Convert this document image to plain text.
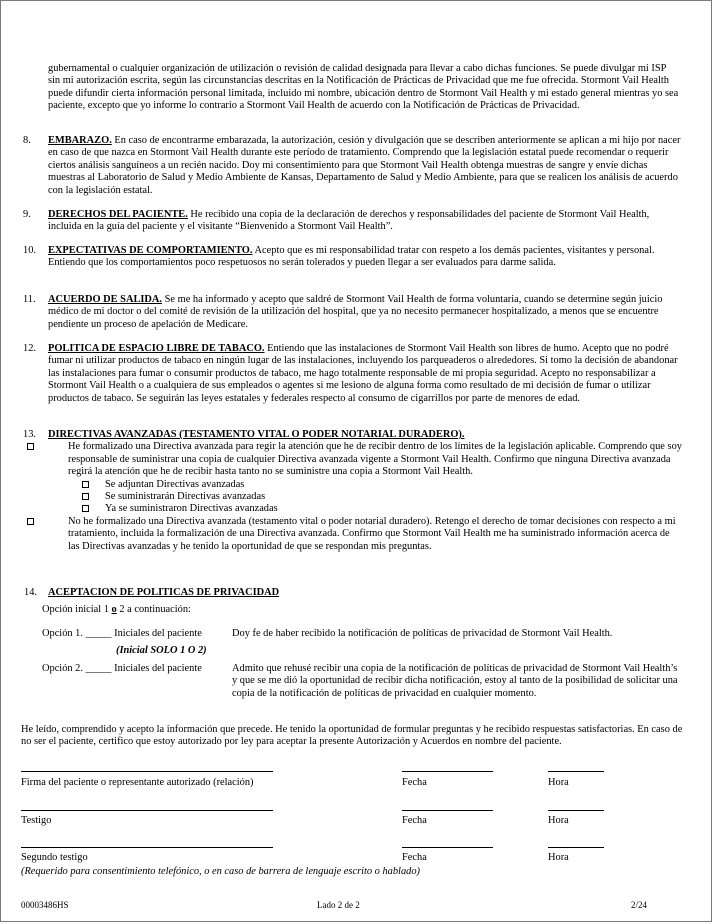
gubernamental o cualquier organización de utilización o revisión de calidad designada para llevar a cabo dichas funciones. Se puede divulgar mi ISP sin mi autorización escrita, según las circunstancias descritas en la Notificación de Prácticas de Privacidad que me fue ofrecida. Stormont Vail Health puede difundir cierta información personal limitada, incluido mi nombre, ubicación dentro de Stormont Vail Health y mi estado general mientras yo sea paciente, excepto que yo informe lo contrario a Stormont Vail Health de acuerdo con la Notificación de Prácticas de Privacidad.
8.	EMBARAZO. En caso de encontrarme embarazada, la autorización, cesión y divulgación que se describen anteriormente se aplican a mi hijo por nacer en caso de que nazca en Stormont Vail Health durante este período de tratamiento. Comprendo que la legislación estatal puede recomendar o requerir ciertos análisis sanguíneos a un recién nacido. Doy mi consentimiento para que Stormont Vail Health obtenga muestras de sangre y envíe dichas muestras al Laboratorio de Salud y Medio Ambiente de Kansas, Departamento de Salud y Medio Ambiente, para que se realicen los análisis de acuerdo con la legislación estatal.
9.	DERECHOS DEL PACIENTE. He recibido una copia de la declaración de derechos y responsabilidades del paciente de Stormont Vail Health, incluida en la guía del paciente y el visitante “Bienvenido a Stormont Vail Health”.
10.	EXPECTATIVAS DE COMPORTAMIENTO. Acepto que es mi responsabilidad tratar con respeto a los demás pacientes, visitantes y personal. Entiendo que los comportamientos poco respetuosos no serán tolerados y pueden llegar a ser evaluados para darme salida.
11.	ACUERDO DE SALIDA. Se me ha informado y acepto que saldré de Stormont Vail Health de forma voluntaria, cuando se determine según juicio médico de mi doctor o del comité de revisión de la utilización del hospital, que ya no necesito permanecer hospitalizado, a menos que se encuentre pendiente un proceso de apelación de Medicare.
12.	POLITICA DE ESPACIO LIBRE DE TABACO. Entiendo que las instalaciones de Stormont Vail Health son libres de humo. Acepto que no podré fumar ni utilizar productos de tabaco en ningún lugar de las instalaciones, incluyendo los parqueaderos o alrededores. Si tomo la decisión de abandonar las instalaciones para fumar o consumir productos de tabaco, me hago totalmente responsable de mi propia seguridad. Acepto no responsabilizar a Stormont Vail Health o a cualquiera de sus empleados o agentes si me lesiono de alguna forma como resultado de mi decisión de fumar o utilizar productos de tabaco. Se seguirán las leyes estatales y federales respecto al consumo de cigarrillos por parte de menores de edad.
13.	DIRECTIVAS AVANZADAS (TESTAMENTO VITAL O PODER NOTARIAL DURADERO).
He formalizado una Directiva avanzada para regir la atención que he de recibir dentro de los límites de la legislación aplicable. Comprendo que soy responsable de suministrar una copia de cualquier Directiva avanzada vigente a Stormont Vail Health. Confirmo que ninguna Directiva avanzada regirá la atención que he de recibir hasta tanto no se suministre una copia a Stormont Vail Health.
Se adjuntan Directivas avanzadas
Se suministrarán Directivas avanzadas
Ya se suministraron Directivas avanzadas
No he formalizado una Directiva avanzada (testamento vital o poder notarial duradero). Retengo el derecho de tomar decisiones con respecto a mi tratamiento, incluida la formalización de una Directiva avanzada. Confirmo que Stormont Vail Health me ha suministrado información acerca de las Directivas avanzadas y he tenido la oportunidad de que se respondan mis preguntas.
14. ACEPTACION DE POLITICAS DE PRIVACIDAD
Opción inicial 1 o 2 a continuación:
Opción 1. _____ Iniciales del paciente	Doy fe de haber recibido la notificación de políticas de privacidad de Stormont Vail Health.
(Inicial SOLO 1 O 2)
Opción 2. _____ Iniciales del paciente	Admito que rehusé recibir una copia de la notificación de políticas de privacidad de Stormont Vail Health’s y que se me dió la oportunidad de recibir dicha notificación, estoy al tanto de la posibilidad de solicitar una copia de la notificación de políticas de privacidad en cualquier momento.
He leído, comprendido y acepto la información que precede. He tenido la oportunidad de formular preguntas y he recibido respuestas satisfactorias. En caso de no ser el paciente, certifico que estoy autorizado por ley para aceptar la presente Autorización y Acuerdos en nombre del paciente.
Firma del paciente o representante autorizado (relación)	Fecha	Hora
Testigo	Fecha	Hora
Segundo testigo	Fecha	Hora
(Requerido para consentimiento telefónico, o en caso de barrera de lenguaje escrito o hablado)
00003486HS	Lado 2 de 2	2/24
